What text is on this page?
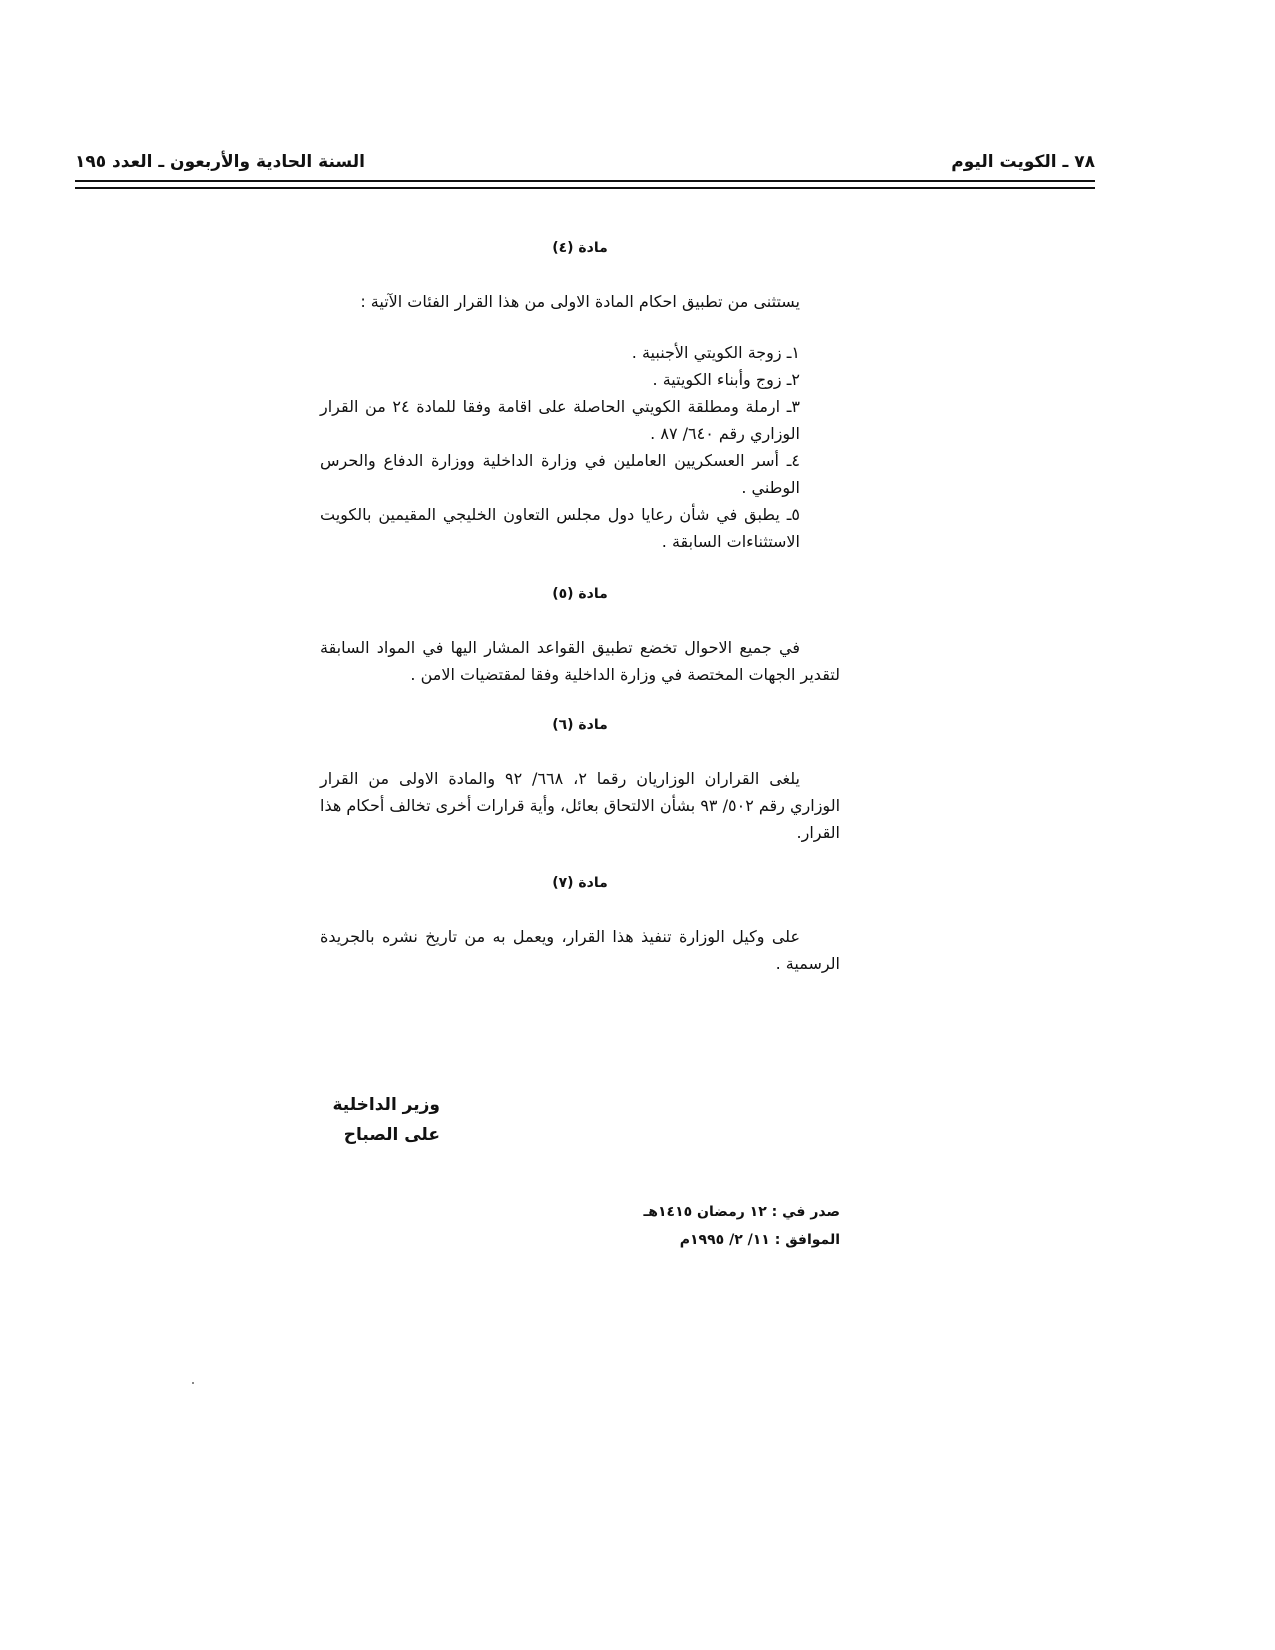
٧٨ ـ الكويت اليوم
السنة الحادية والأربعون ـ العدد ١٩٥
مادة (٤)

يستثنى من تطبيق احكام المادة الاولى من هذا القرار الفئات الآتية :

١ـ زوجة الكويتي الأجنبية .

٢ـ زوج وأبناء الكويتية .

٣ـ ارملة ومطلقة الكويتي الحاصلة على اقامة وفقا للمادة ٢٤ من القرار الوزاري رقم ٦٤٠/ ٨٧ .

٤ـ أسر العسكريين العاملين في وزارة الداخلية ووزارة الدفاع والحرس الوطني .

٥ـ يطبق في شأن رعايا دول مجلس التعاون الخليجي المقيمين بالكويت الاستثناءات السابقة .

مادة (٥)

في جميع الاحوال تخضع تطبيق القواعد المشار اليها في المواد السابقة لتقدير الجهات المختصة في وزارة الداخلية وفقا لمقتضيات الامن .

مادة (٦)

يلغى القراران الوزاريان رقما ٢، ٦٦٨/ ٩٢ والمادة الاولى من القرار الوزاري رقم ٥٠٢/ ٩٣ بشأن الالتحاق بعائل، وأية قرارات أخرى تخالف أحكام هذا القرار.

مادة (٧)

على وكيل الوزارة تنفيذ هذا القرار، ويعمل به من تاريخ نشره بالجريدة الرسمية .

وزير الداخلية
على الصباح
صدر في : ١٢ رمضان ١٤١٥هـ
الموافق : ١١/ ٢/ ١٩٩٥م
